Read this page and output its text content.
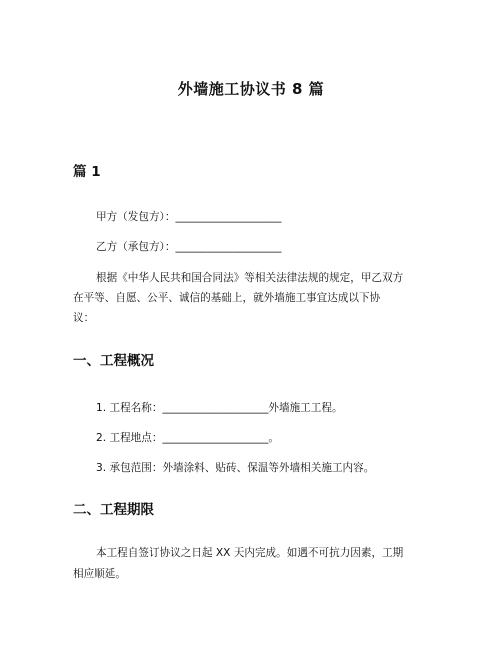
外墙施工协议书 8 篇
篇 1
甲方（发包方）：____________________
乙方（承包方）：____________________
根据《中华人民共和国合同法》等相关法律法规的规定，甲乙双方
在平等、自愿、公平、诚信的基础上，就外墙施工事宜达成以下协
议：
一、工程概况
1. 工程名称：____________________外墙施工工程。
2. 工程地点：____________________。
3. 承包范围：外墙涂料、贴砖、保温等外墙相关施工内容。
二、工程期限
本工程自签订协议之日起 XX 天内完成。如遇不可抗力因素，工期
相应顺延。
